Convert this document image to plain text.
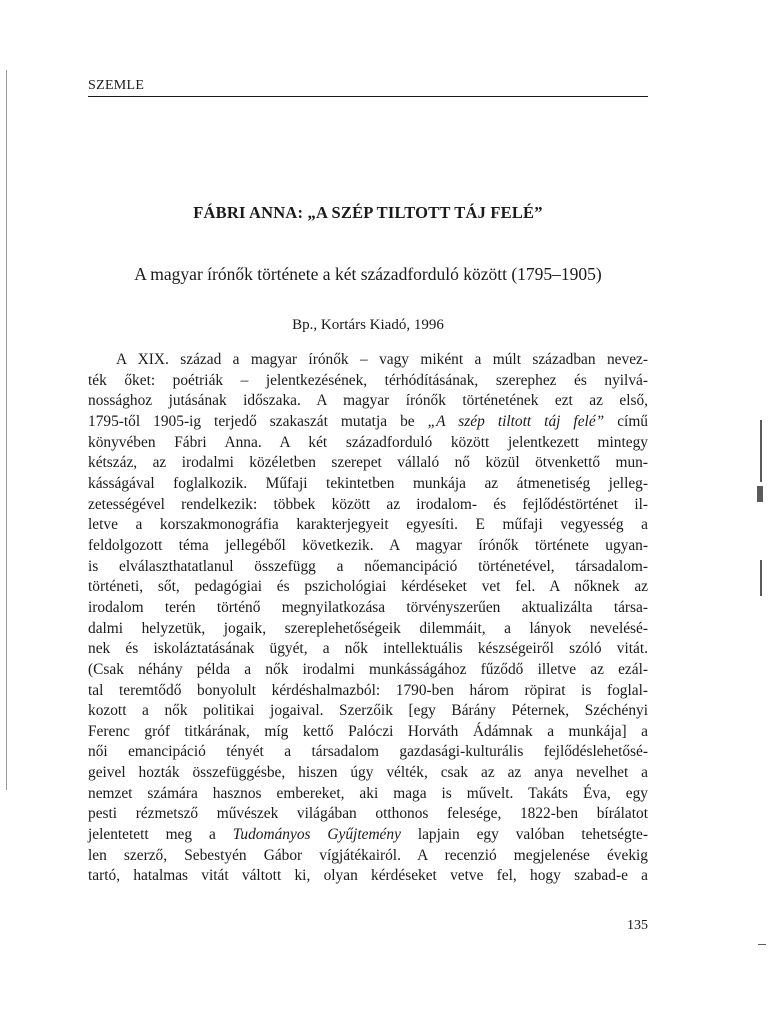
SZEMLE
FÁBRI ANNA: „A SZÉP TILTOTT TÁJ FELÉ”
A magyar írónők története a két századforduló között (1795–1905)
Bp., Kortárs Kiadó, 1996
A XIX. század a magyar írónők – vagy miként a múlt században nevez-
ték őket: poétriák – jelentkezésének, térhódításának, szerephez és nyilvá-
nossághoz jutásának időszaka. A magyar írónők történetének ezt az első,
1795-től 1905-ig terjedő szakaszát mutatja be „A szép tiltott táj felé” című
könyvében Fábri Anna. A két századforduló között jelentkezett mintegy
kétszáz, az irodalmi közéletben szerepet vállaló nő közül ötvenkettő mun-
kásságával foglalkozik. Műfaji tekintetben munkája az átmenetiség jelleg-
zetességével rendelkezik: többek között az irodalom- és fejlődéstörténet il-
letve a korszakmonográfia karakterjegyeit egyesíti. E műfaji vegyesség a
feldolgozott téma jellegéből következik. A magyar írónők története ugyan-
is elválaszthatatlanul összefügg a nőemancipáció történetével, társadalom-
történeti, sőt, pedagógiai és pszichológiai kérdéseket vet fel. A nőknek az
irodalom terén történő megnyilatkozása törvényszerűen aktualizálta társa-
dalmi helyzetük, jogaik, szereplehetőségeik dilemmáit, a lányok nevelésé-
nek és iskoláztatásának ügyét, a nők intellektuális készségeiről szóló vitát.
(Csak néhány példa a nők irodalmi munkásságához fűződő illetve az ezál-
tal teremtődő bonyolult kérdéshalmazból: 1790-ben három röpirat is foglal-
kozott a nők politikai jogaival. Szerzőik [egy Bárány Péternek, Széchényi
Ferenc gróf titkárának, míg kettő Palóczi Horváth Ádámnak a munkája] a
női emancipáció tényét a társadalom gazdasági-kulturális fejlődéslehetősé-
geivel hozták összefüggésbe, hiszen úgy vélték, csak az az anya nevelhet a
nemzet számára hasznos embereket, aki maga is művelt. Takáts Éva, egy
pesti rézmetsző művészek világában otthonos felesége, 1822-ben bírálatot
jelentetett meg a Tudományos Gyűjtemény lapjain egy valóban tehetségte-
len szerző, Sebestyén Gábor vígjátékairól. A recenzió megjelenése évekig
tartó, hatalmas vitát váltott ki, olyan kérdéseket vetve fel, hogy szabad-e a
135
